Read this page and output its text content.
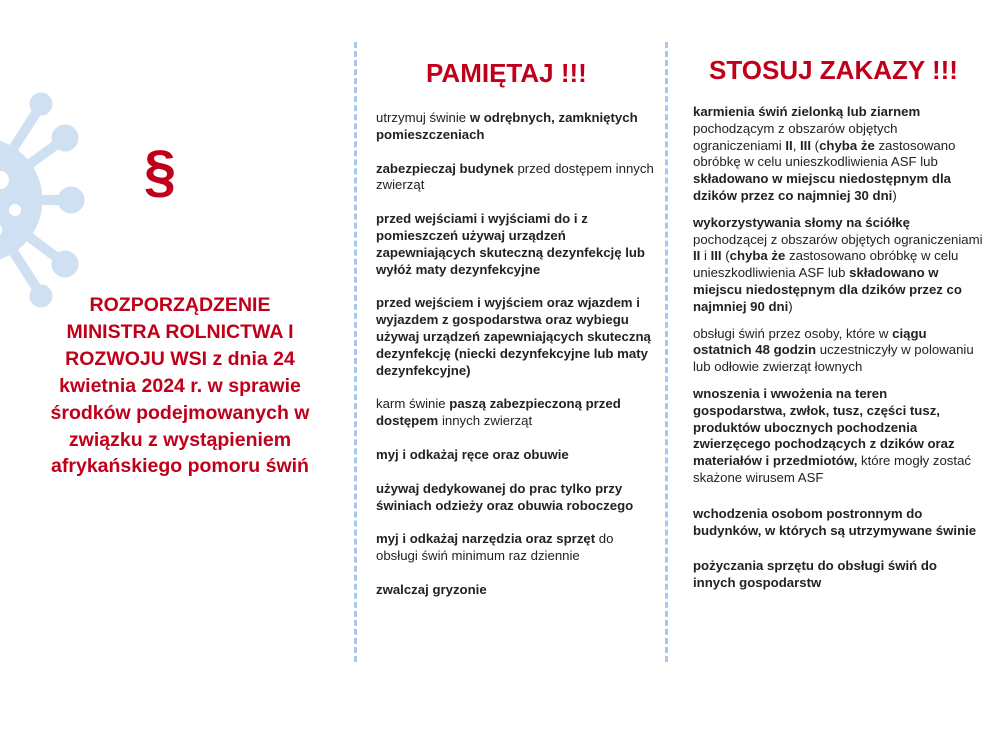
§
ROZPORZĄDZENIE MINISTRA ROLNICTWA I ROZWOJU WSI z dnia 24 kwietnia 2024 r. w sprawie środków podejmowanych w związku z wystąpieniem afrykańskiego pomoru świń
PAMIĘTAJ !!!
utrzymuj świnie w odrębnych, zamkniętych pomieszczeniach
zabezpieczaj budynek przed dostępem innych zwierząt
przed wejściami i wyjściami do i z pomieszczeń używaj urządzeń zapewniających skuteczną dezynfekcję lub wyłóż maty dezynfekcyjne
przed wejściem i wyjściem oraz wjazdem i wyjazdem z gospodarstwa oraz wybiegu używaj urządzeń zapewniających skuteczną dezynfekcję (niecki dezynfekcyjne lub maty dezynfekcyjne)
karm świnie paszą zabezpieczoną przed dostępem innych zwierząt
myj i odkażaj ręce oraz obuwie
używaj dedykowanej do prac tylko przy świniach odzieży oraz obuwia roboczego
myj i odkażaj narzędzia oraz sprzęt do obsługi świń minimum raz dziennie
zwalczaj gryzonie
STOSUJ ZAKAZY !!!
karmienia świń zielonką lub ziarnem pochodzącym z obszarów objętych ograniczeniami II, III (chyba że zastosowano obróbkę w celu unieszkodliwienia ASF lub składowano w miejscu niedostępnym dla dzików przez co najmniej 30 dni)
wykorzystywania słomy na ściółkę pochodzącej z obszarów objętych ograniczeniami II i III (chyba że zastosowano obróbkę w celu unieszkodliwienia ASF lub składowano w miejscu niedostępnym dla dzików przez co najmniej 90 dni)
obsługi świń przez osoby, które w ciągu ostatnich 48 godzin uczestniczyły w polowaniu lub odłowie zwierząt łownych
wnoszenia i wwożenia na teren gospodarstwa, zwłok, tusz, części tusz, produktów ubocznych pochodzenia zwierzęcego pochodzących z dzików oraz materiałów i przedmiotów, które mogły zostać skażone wirusem ASF
wchodzenia osobom postronnym do budynków, w których są utrzymywane świnie
pożyczania sprzętu do obsługi świń do innych gospodarstw
